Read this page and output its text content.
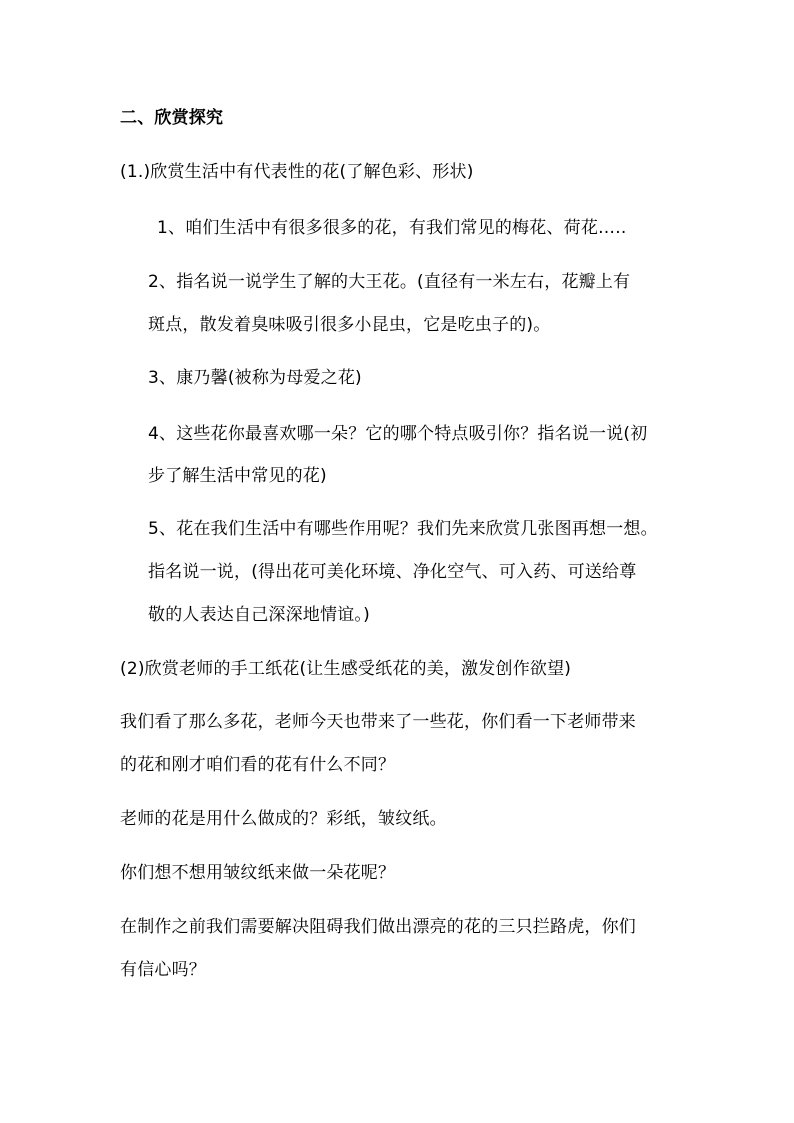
二、欣赏探究
(1.)欣赏生活中有代表性的花(了解色彩、形状)
1、咱们生活中有很多很多的花，有我们常见的梅花、荷花…..
2、指名说一说学生了解的大王花。(直径有一米左右，花瓣上有
斑点，散发着臭味吸引很多小昆虫，它是吃虫子的)。
3、康乃馨(被称为母爱之花)
4、这些花你最喜欢哪一朵？它的哪个特点吸引你？指名说一说(初
步了解生活中常见的花)
5、花在我们生活中有哪些作用呢？我们先来欣赏几张图再想一想。
指名说一说，(得出花可美化环境、净化空气、可入药、可送给尊
敬的人表达自己深深地情谊。)
(2)欣赏老师的手工纸花(让生感受纸花的美，激发创作欲望)
我们看了那么多花，老师今天也带来了一些花，你们看一下老师带来
的花和刚才咱们看的花有什么不同？
老师的花是用什么做成的？彩纸，皱纹纸。
你们想不想用皱纹纸来做一朵花呢？
在制作之前我们需要解决阻碍我们做出漂亮的花的三只拦路虎，你们
有信心吗？
